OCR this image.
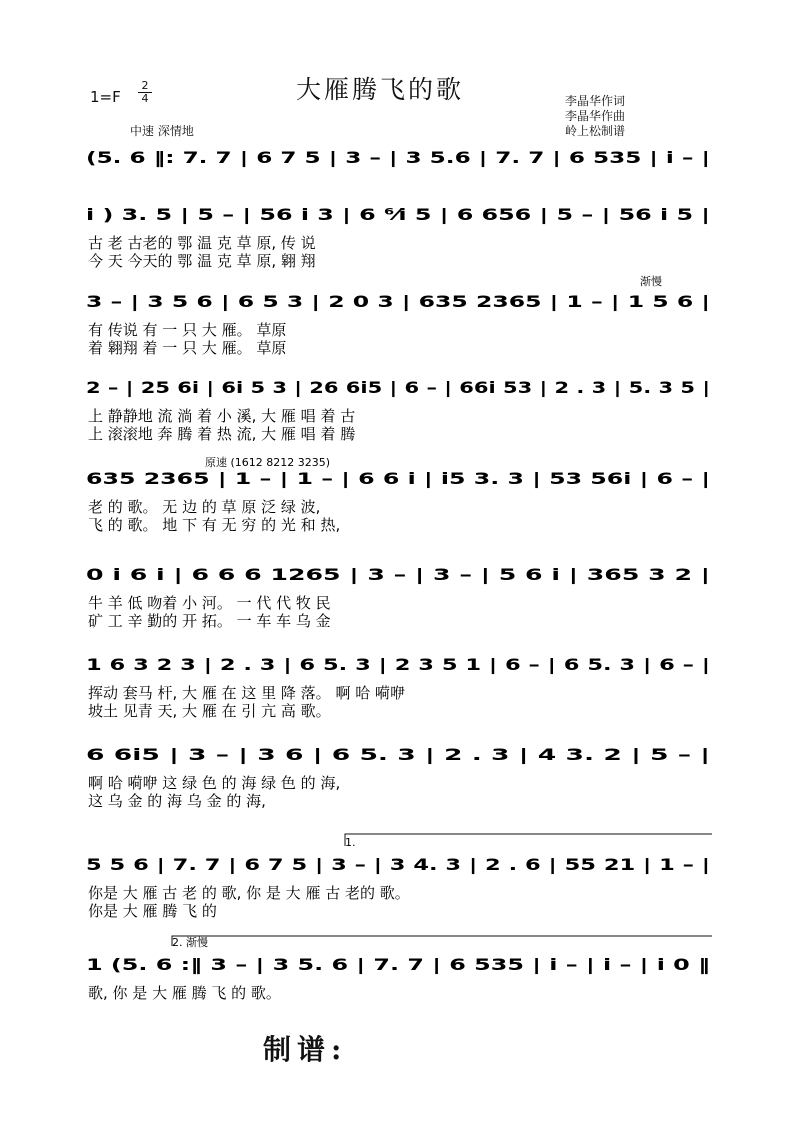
大雁腾飞的歌
$1=F \frac{2}{4}$	李晶华作词
李晶华作曲
岭上松制谱
中速 深情地
(5. 6 ‖: 7. 7 | 6 7 5 | 3 – | 3 5.6 | 7. 7 | 6 535 | i – |
i ) 3. 5 | 5 – | 56 i 3 | 6 ⁶⁄i 5 | 6 656 | 5 – | 56 i 5 |
古 老 古老的 鄂 温 克 草 原, 传 说
今 天 今天的 鄂 温 克 草 原, 翱 翔
3 – | 3 5 6 | 6 5 3 | 2 0 3 | 635 2365 | 1 – | 1 5 6 |
有 传说 有 一 只 大 雁。 草原
着 翱翔 着 一 只 大 雁。 草原
渐慢
2 – | 25 6i | 6i 5 3 | 26 6i5 | 6 – | 66i 53 | 2 . 3 | 5. 3 5 |
上 静静地 流 淌 着 小 溪, 大 雁 唱 着 古
上 滚滚地 奔 腾 着 热 流, 大 雁 唱 着 腾
635 2365 | 1 – | 1 – | 6 6 i | i5 3. 3 | 53 56i | 6 – |
老 的 歌。 无 边 的 草 原 泛 绿 波,
飞 的 歌。 地 下 有 无 穷 的 光 和 热,
原速 (1612 8212 3235)
0 i 6 i | 6 6 6 1265 | 3 – | 3 – | 5 6 i | 365 3 2 |
牛 羊 低 吻着 小 河。 一 代 代 牧 民
矿 工 辛 勤的 开 拓。 一 车 车 乌 金
1 6 3 2 3 | 2 . 3 | 6 5. 3 | 2 3 5 1 | 6 – | 6 5. 3 | 6 – |
挥动 套马 杆, 大 雁 在 这 里 降 落。 啊 哈 嗬咿
坡土 见青 天, 大 雁 在 引 亢 高 歌。
6 6i5 | 3 – | 3 6 | 6 5. 3 | 2 . 3 | 4 3. 2 | 5 – |
啊 哈 嗬咿 这 绿 色 的 海 绿 色 的 海,
这 乌 金 的 海 乌 金 的 海,
5 5 6 | 7. 7 | 6 7 5 | 3 – | 3 4. 3 | 2 . 6 | 55 21 | 1 – |
你是 大 雁 古 老 的 歌, 你 是 大 雁 古 老的 歌。
你是 大 雁 腾 飞 的
1.
1 (5. 6 :‖ 3 – | 3 5. 6 | 7. 7 | 6 535 | i – | i – | i 0 ‖
歌, 你 是 大 雁 腾 飞 的 歌。
2. 渐慢
制谱:
